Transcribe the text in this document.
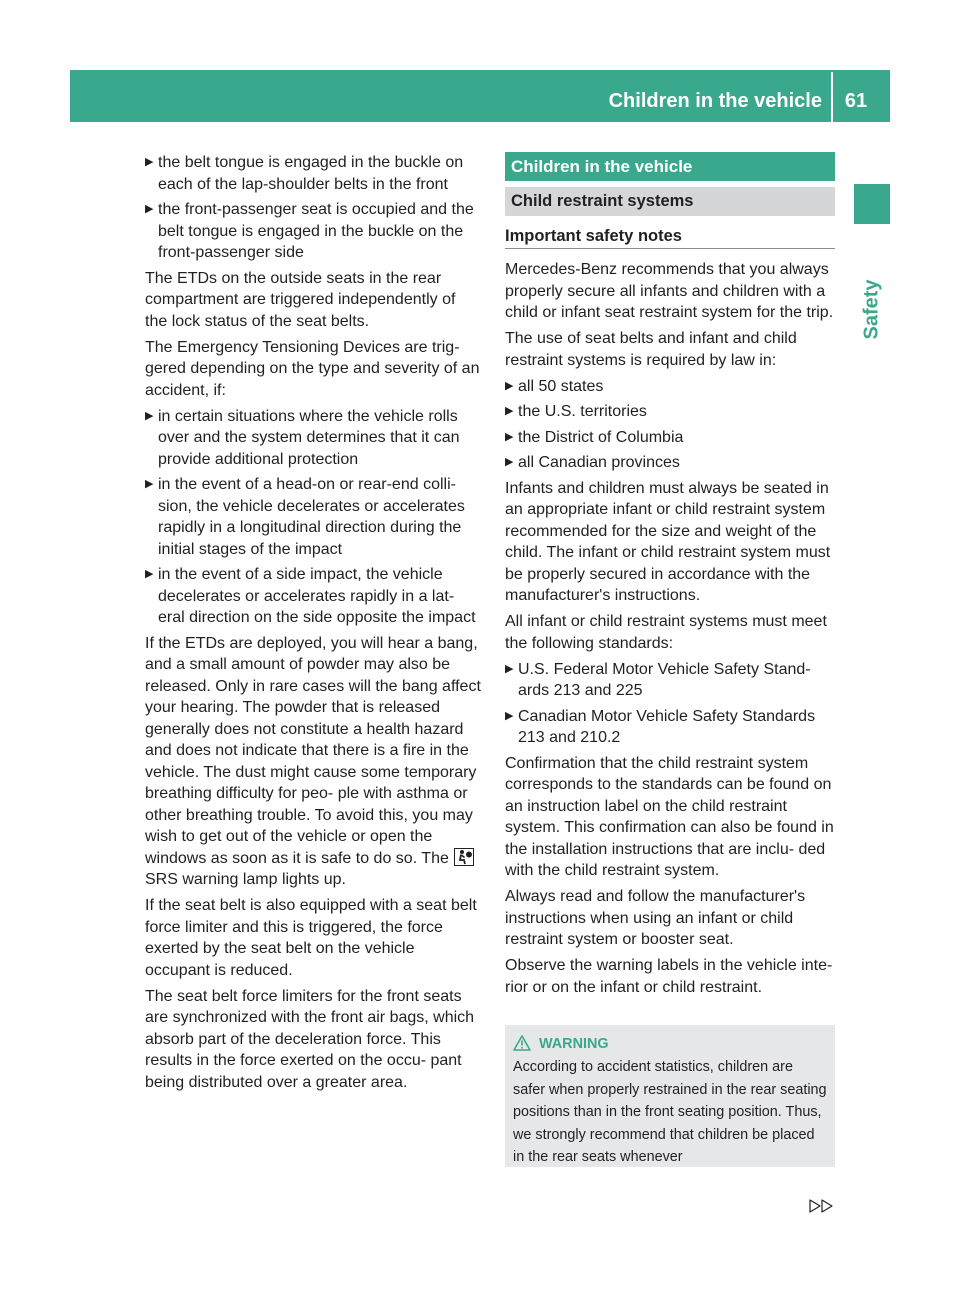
Children in the vehicle	61
Safety
▶ the belt tongue is engaged in the buckle on each of the lap-shoulder belts in the front
▶ the front-passenger seat is occupied and the belt tongue is engaged in the buckle on the front-passenger side

The ETDs on the outside seats in the rear compartment are triggered independently of the lock status of the seat belts.

The Emergency Tensioning Devices are trig- gered depending on the type and severity of an accident, if:

▶ in certain situations where the vehicle rolls over and the system determines that it can provide additional protection
▶ in the event of a head-on or rear-end colli- sion, the vehicle decelerates or accelerates rapidly in a longitudinal direction during the initial stages of the impact
▶ in the event of a side impact, the vehicle decelerates or accelerates rapidly in a lat- eral direction on the side opposite the impact

If the ETDs are deployed, you will hear a bang, and a small amount of powder may also be released. Only in rare cases will the bang affect your hearing. The powder that is released generally does not constitute a health hazard and does not indicate that there is a fire in the vehicle. The dust might cause some temporary breathing difficulty for peo- ple with asthma or other breathing trouble. To avoid this, you may wish to get out of the vehicle or open the windows as soon as it is safe to do so. The
SRS warning lamp lights up.

If the seat belt is also equipped with a seat belt force limiter and this is triggered, the force exerted by the seat belt on the vehicle occupant is reduced.

The seat belt force limiters for the front seats are synchronized with the front air bags, which absorb part of the deceleration force. This results in the force exerted on the occu- pant being distributed over a greater area.

Children in the vehicle
Child restraint systems
Important safety notes

Mercedes-Benz recommends that you always properly secure all infants and children with a child or infant seat restraint system for the trip.

The use of seat belts and infant and child restraint systems is required by law in:

▶ all 50 states
▶ the U.S. territories
▶ the District of Columbia
▶ all Canadian provinces

Infants and children must always be seated in an appropriate infant or child restraint system recommended for the size and weight of the child. The infant or child restraint system must be properly secured in accordance with the manufacturer's instructions.

All infant or child restraint systems must meet the following standards:

▶ U.S. Federal Motor Vehicle Safety Stand- ards 213 and 225
▶ Canadian Motor Vehicle Safety Standards 213 and 210.2

Confirmation that the child restraint system corresponds to the standards can be found on an instruction label on the child restraint system. This confirmation can also be found in the installation instructions that are inclu- ded with the child restraint system.

Always read and follow the manufacturer's instructions when using an infant or child restraint system or booster seat.

Observe the warning labels in the vehicle inte- rior or on the infant or child restraint.

WARNING
According to accident statistics, children are safer when properly restrained in the rear seating positions than in the front seating position. Thus, we strongly recommend that children be placed in the rear seats whenever
